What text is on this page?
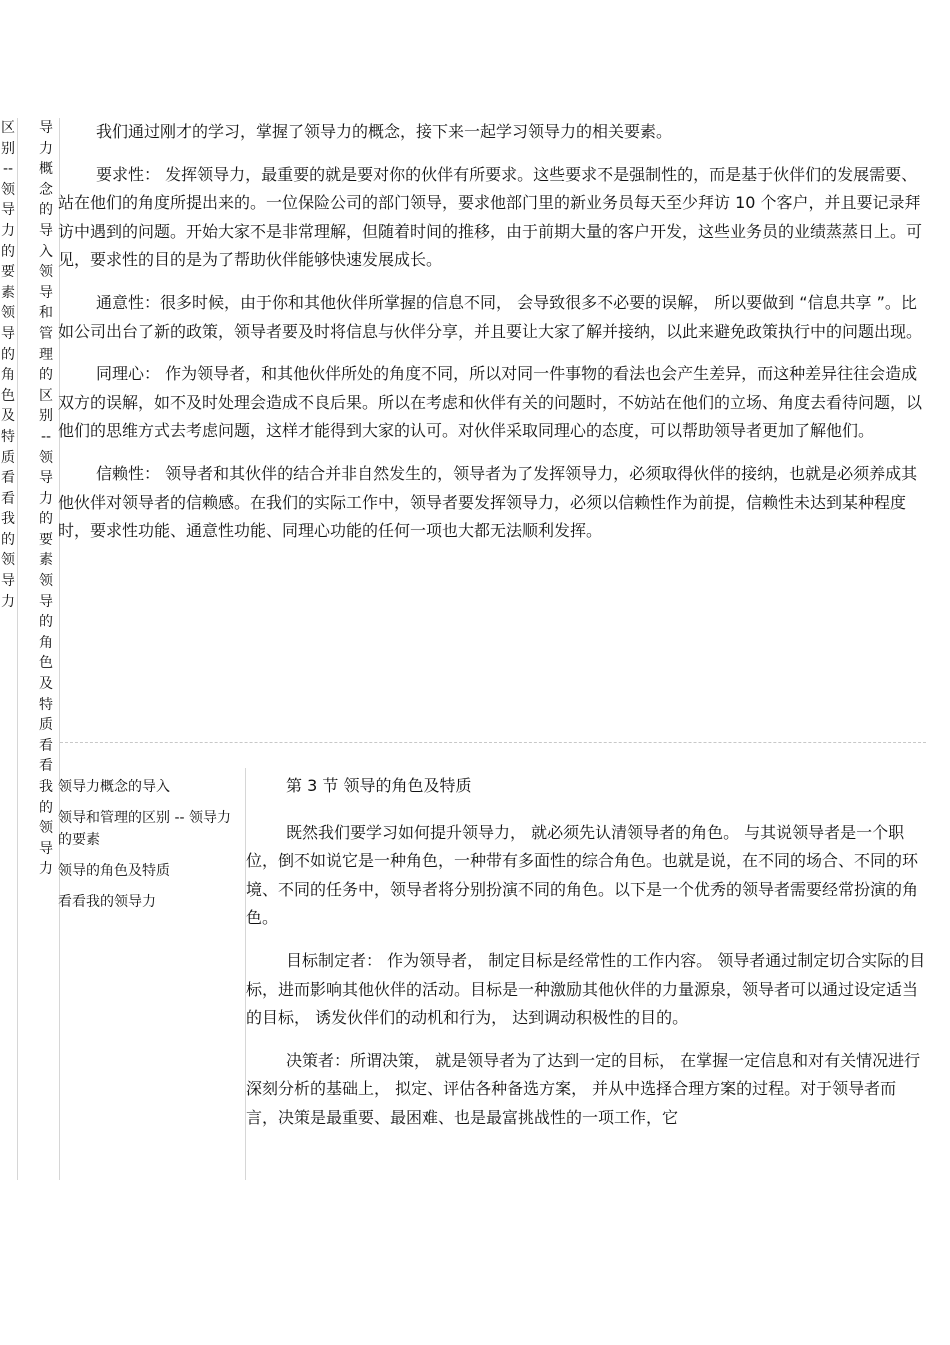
区
别
--
领
导
力
的
要
素
领
导
的
角
色
及
特
质
看
看
我
的
领
导
力
导
力
概
念
的
导
入
领
导
和
管
理
的
区
别
--
领
导
力
的
要
素
领
导
的
角
色
及
特
质
看
看
我
的
领
导
力

我们通过刚才的学习，掌握了领导力的概念，接下来一起学习领导力的相关要素。

要求性： 发挥领导力，最重要的就是要对你的伙伴有所要求。这些要求不是强制性的，而是基于伙伴们的发展需要、站在他们的角度所提出来的。一位保险公司的部门领导，要求他部门里的新业务员每天至少拜访 10 个客户，并且要记录拜访中遇到的问题。开始大家不是非常理解，但随着时间的推移，由于前期大量的客户开发，这些业务员的业绩蒸蒸日上。可见，要求性的目的是为了帮助伙伴能够快速发展成长。

通意性：很多时候，由于你和其他伙伴所掌握的信息不同， 会导致很多不必要的误解， 所以要做到 “信息共享 ”。比如公司出台了新的政策，领导者要及时将信息与伙伴分享，并且要让大家了解并接纳，以此来避免政策执行中的问题出现。

同理心： 作为领导者，和其他伙伴所处的角度不同，所以对同一件事物的看法也会产生差异，而这种差异往往会造成双方的误解，如不及时处理会造成不良后果。所以在考虑和伙伴有关的问题时，不妨站在他们的立场、角度去看待问题，以他们的思维方式去考虑问题，这样才能得到大家的认可。对伙伴采取同理心的态度，可以帮助领导者更加了解他们。

信赖性： 领导者和其伙伴的结合并非自然发生的，领导者为了发挥领导力，必须取得伙伴的接纳，也就是必须养成其他伙伴对领导者的信赖感。在我们的实际工作中，领导者要发挥领导力，必须以信赖性作为前提，信赖性未达到某种程度时，要求性功能、通意性功能、同理心功能的任何一项也大都无法顺利发挥。

领导力概念的导入
领导和管理的区别 -- 领导力的要素
领导的角色及特质
看看我的领导力
第 3 节 领导的角色及特质

既然我们要学习如何提升领导力， 就必须先认清领导者的角色。 与其说领导者是一个职位，倒不如说它是一种角色，一种带有多面性的综合角色。也就是说，在不同的场合、不同的环境、不同的任务中，领导者将分别扮演不同的角色。以下是一个优秀的领导者需要经常扮演的角色。

目标制定者： 作为领导者， 制定目标是经常性的工作内容。 领导者通过制定切合实际的目标，进而影响其他伙伴的活动。目标是一种激励其他伙伴的力量源泉，领导者可以通过设定适当的目标， 诱发伙伴们的动机和行为， 达到调动积极性的目的。

决策者：所谓决策， 就是领导者为了达到一定的目标， 在掌握一定信息和对有关情况进行深刻分析的基础上， 拟定、评估各种备选方案， 并从中选择合理方案的过程。对于领导者而言，决策是最重要、最困难、也是最富挑战性的一项工作，它
